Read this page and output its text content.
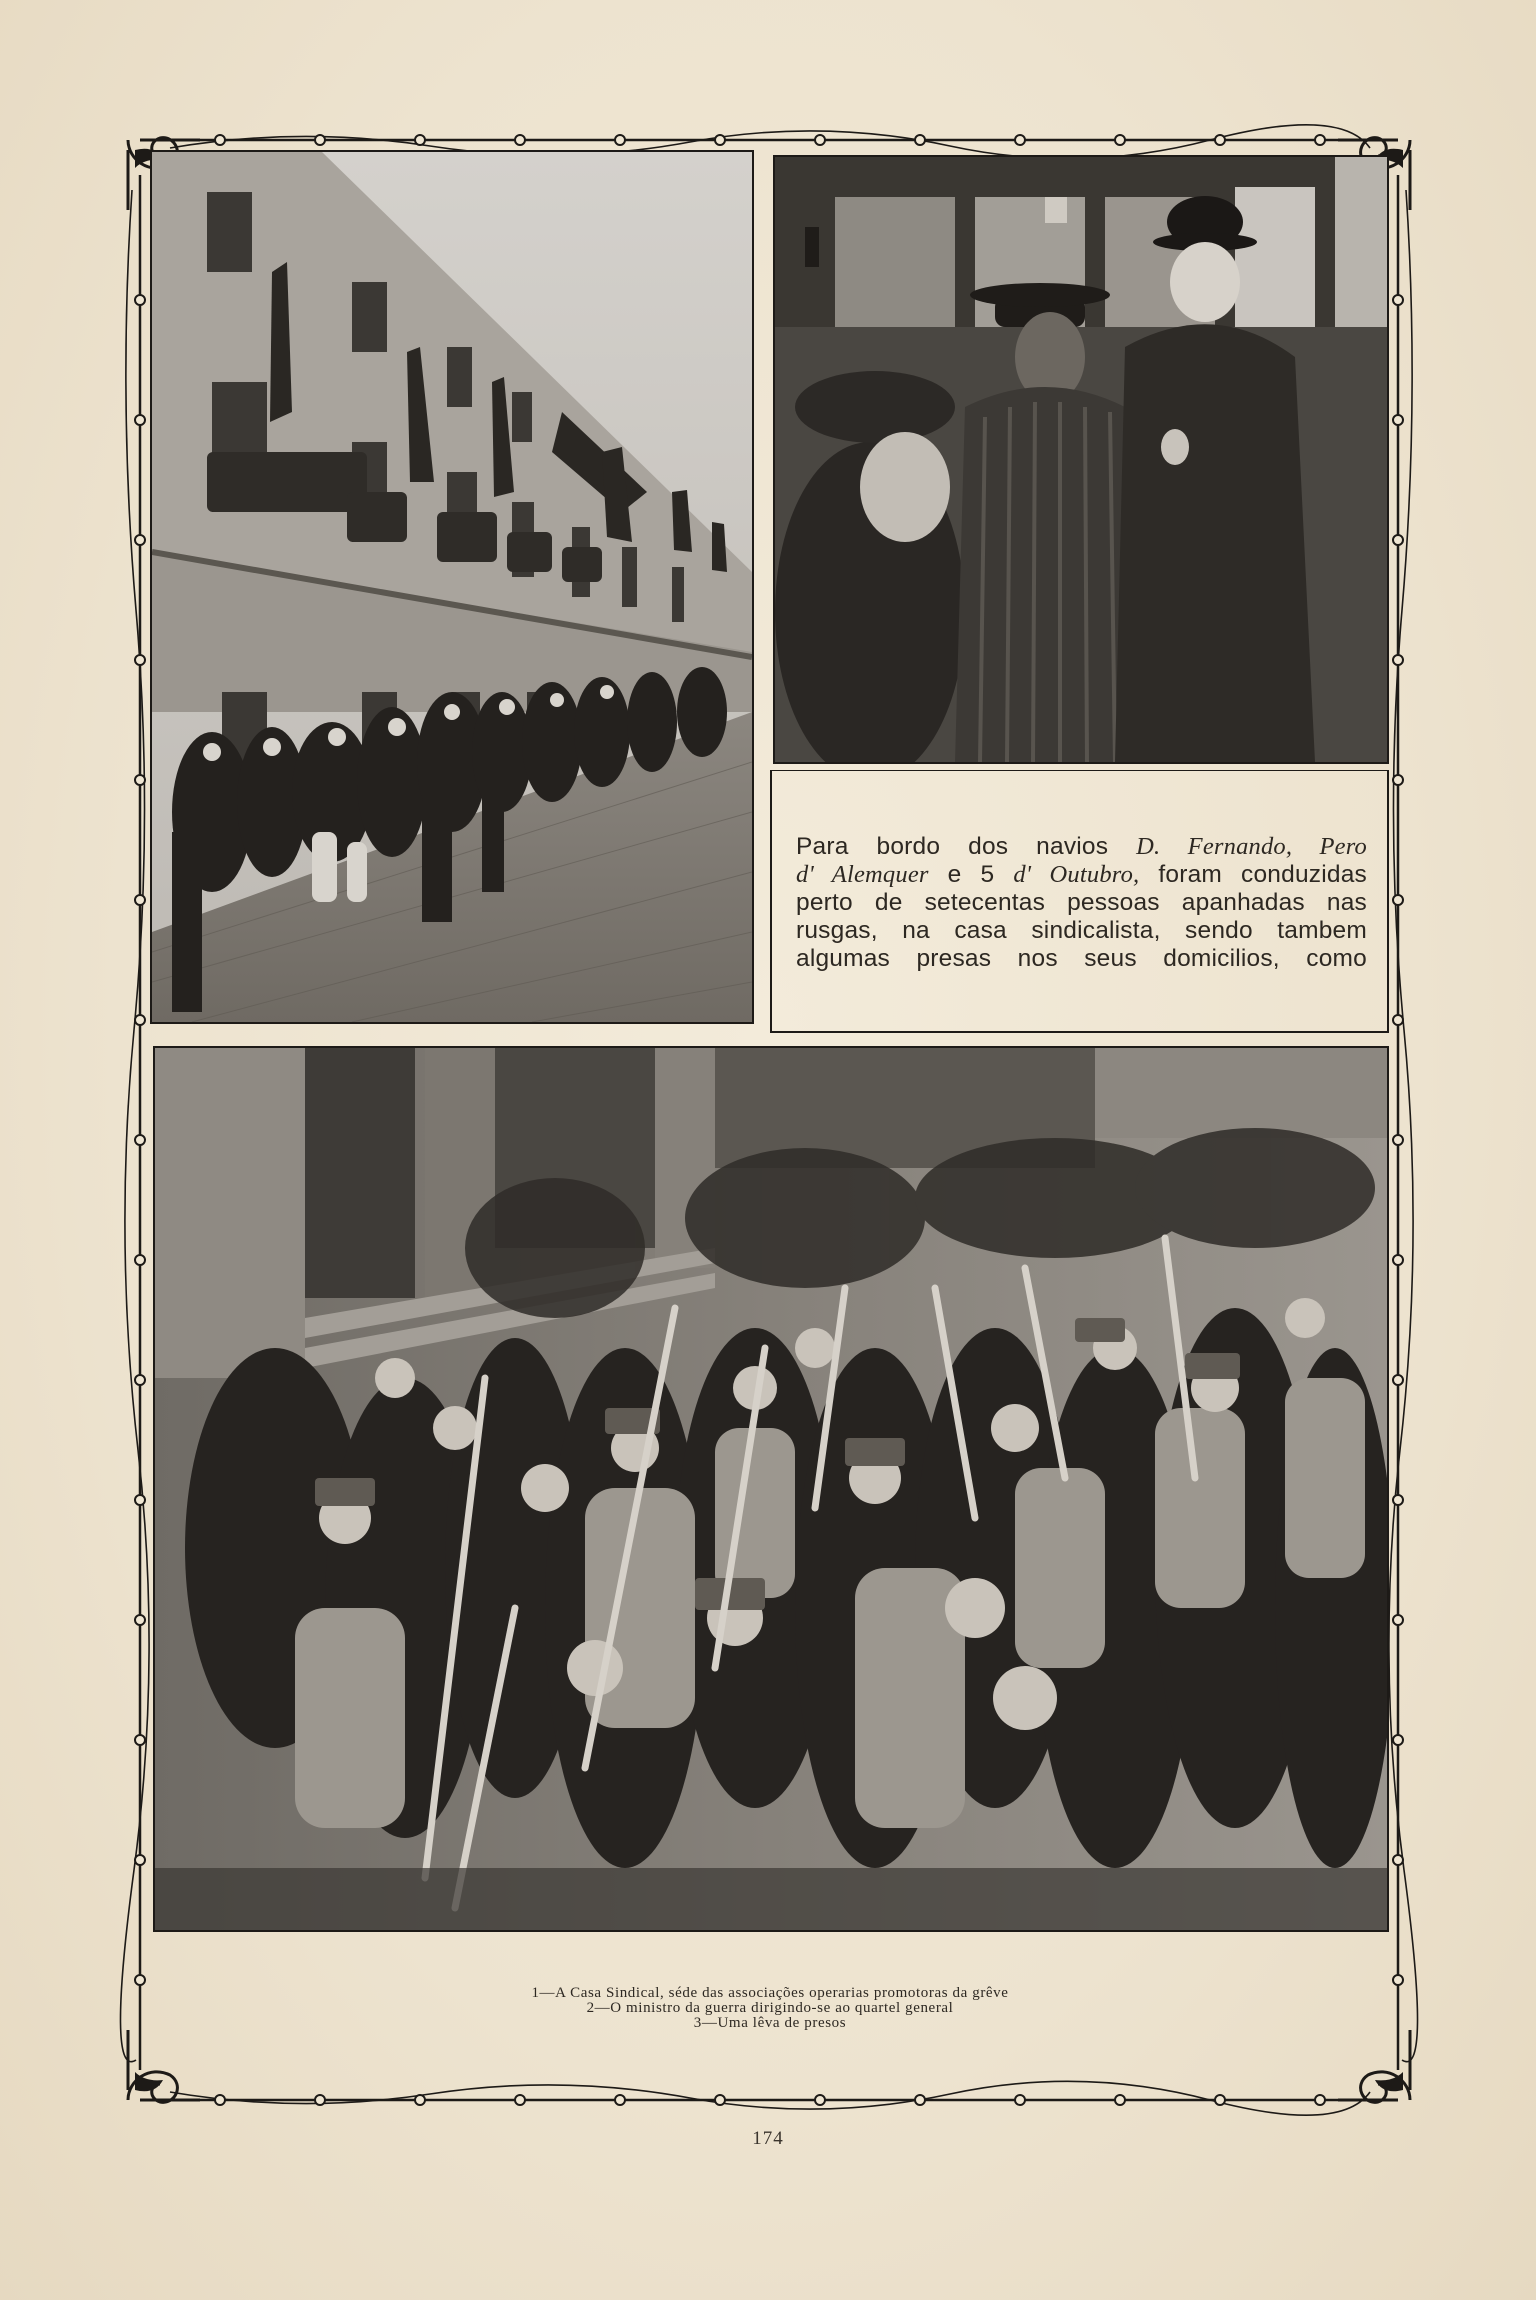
Para bordo dos navios D. Fernando, Pero
d' Alemquer e 5 d' Outubro, foram conduzidas
perto de setecentas pessoas apanhadas nas
rusgas, na casa sindicalista, sendo tambem
algumas presas nos seus domicilios, como

1—A Casa Sindical, séde das associações operarias promotoras da grêve
2—O ministro da guerra dirigindo-se ao quartel general
3—Uma lêva de presos
174
